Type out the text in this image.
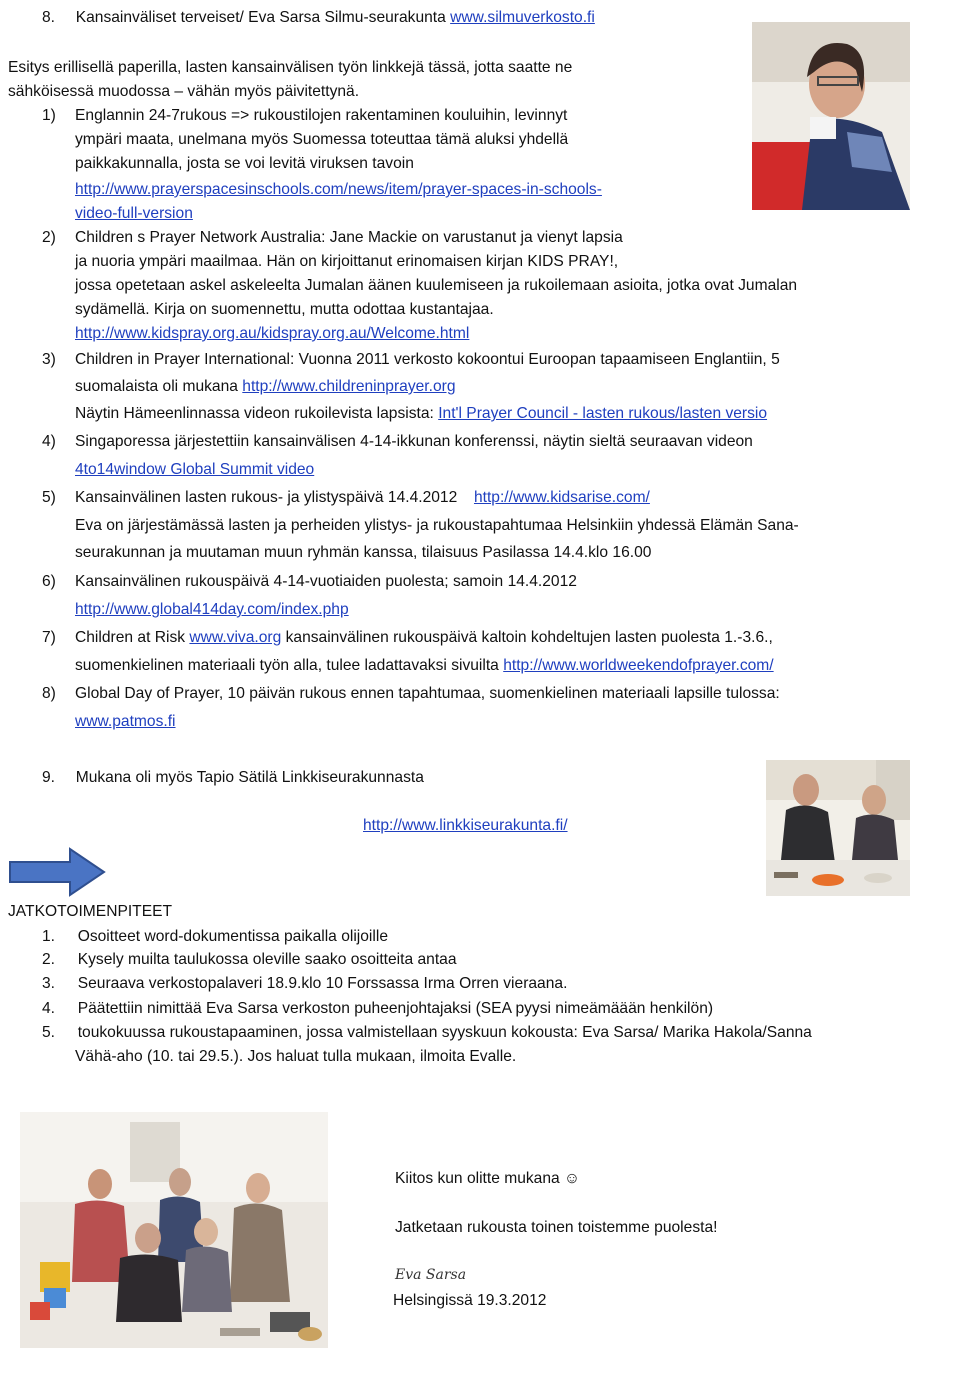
8. Kansainväliset terveiset/ Eva Sarsa Silmu-seurakunta www.silmuverkosto.fi
Esitys erillisellä paperilla, lasten kansainvälisen työn linkkejä tässä, jotta saatte ne
sähköisessä muodossa – vähän myös päivitettynä.
1) Englannin 24-7rukous => rukoustilojen rakentaminen kouluihin, levinnyt
ympäri maata, unelmana myös Suomessa toteuttaa tämä aluksi yhdellä
paikkakunnalla, josta se voi levitä viruksen tavoin
http://www.prayerspacesinschools.com/news/item/prayer-spaces-in-schools-
video-full-version
2) Children s Prayer Network Australia: Jane Mackie on varustanut ja vienyt lapsia
ja nuoria ympäri maailmaa. Hän on kirjoittanut erinomaisen kirjan KIDS PRAY!,
jossa opetetaan askel askeleelta Jumalan äänen kuulemiseen ja rukoilemaan asioita, jotka ovat Jumalan
sydämellä. Kirja on suomennettu, mutta odottaa kustantajaa.
http://www.kidspray.org.au/kidspray.org.au/Welcome.html
3) Children in Prayer International: Vuonna 2011 verkosto kokoontui Euroopan tapaamiseen Englantiin, 5
suomalaista oli mukana http://www.childreninprayer.org
Näytin Hämeenlinnassa videon rukoilevista lapsista: Int'l Prayer Council - lasten rukous/lasten versio
4) Singaporessa järjestettiin kansainvälisen 4-14-ikkunan konferenssi, näytin sieltä seuraavan videon
4to14window Global Summit video
5) Kansainvälinen lasten rukous- ja ylistyspäivä 14.4.2012 http://www.kidsarise.com/
Eva on järjestämässä lasten ja perheiden ylistys- ja rukoustapahtumaa Helsinkiin yhdessä Elämän Sana-
seurakunnan ja muutaman muun ryhmän kanssa, tilaisuus Pasilassa 14.4.klo 16.00
6) Kansainvälinen rukouspäivä 4-14-vuotiaiden puolesta; samoin 14.4.2012
http://www.global414day.com/index.php
7) Children at Risk www.viva.org kansainvälinen rukouspäivä kaltoin kohdeltujen lasten puolesta 1.-3.6.,
suomenkielinen materiaali työn alla, tulee ladattavaksi sivuilta http://www.worldweekendofprayer.com/
8) Global Day of Prayer, 10 päivän rukous ennen tapahtumaa, suomenkielinen materiaali lapsille tulossa:
www.patmos.fi
9. Mukana oli myös Tapio Sätilä Linkkiseurakunnasta
http://www.linkkiseurakunta.fi/
JATKOTOIMENPITEET
1. Osoitteet word-dokumentissa paikalla olijoille
2. Kysely muilta taulukossa oleville saako osoitteita antaa
3. Seuraava verkostopalaveri 18.9.klo 10 Forssassa Irma Orren vieraana.
4. Päätettiin nimittää Eva Sarsa verkoston puheenjohtajaksi (SEA pyysi nimeämäään henkilön)
5. toukokuussa rukoustapaaminen, jossa valmistellaan syyskuun kokousta: Eva Sarsa/ Marika Hakola/Sanna
Vähä-aho (10. tai 29.5.). Jos haluat tulla mukaan, ilmoita Evalle.
Kiitos kun olitte mukana ☺
Jatketaan rukousta toinen toistemme puolesta!
Eva Sarsa
Helsingissä 19.3.2012
